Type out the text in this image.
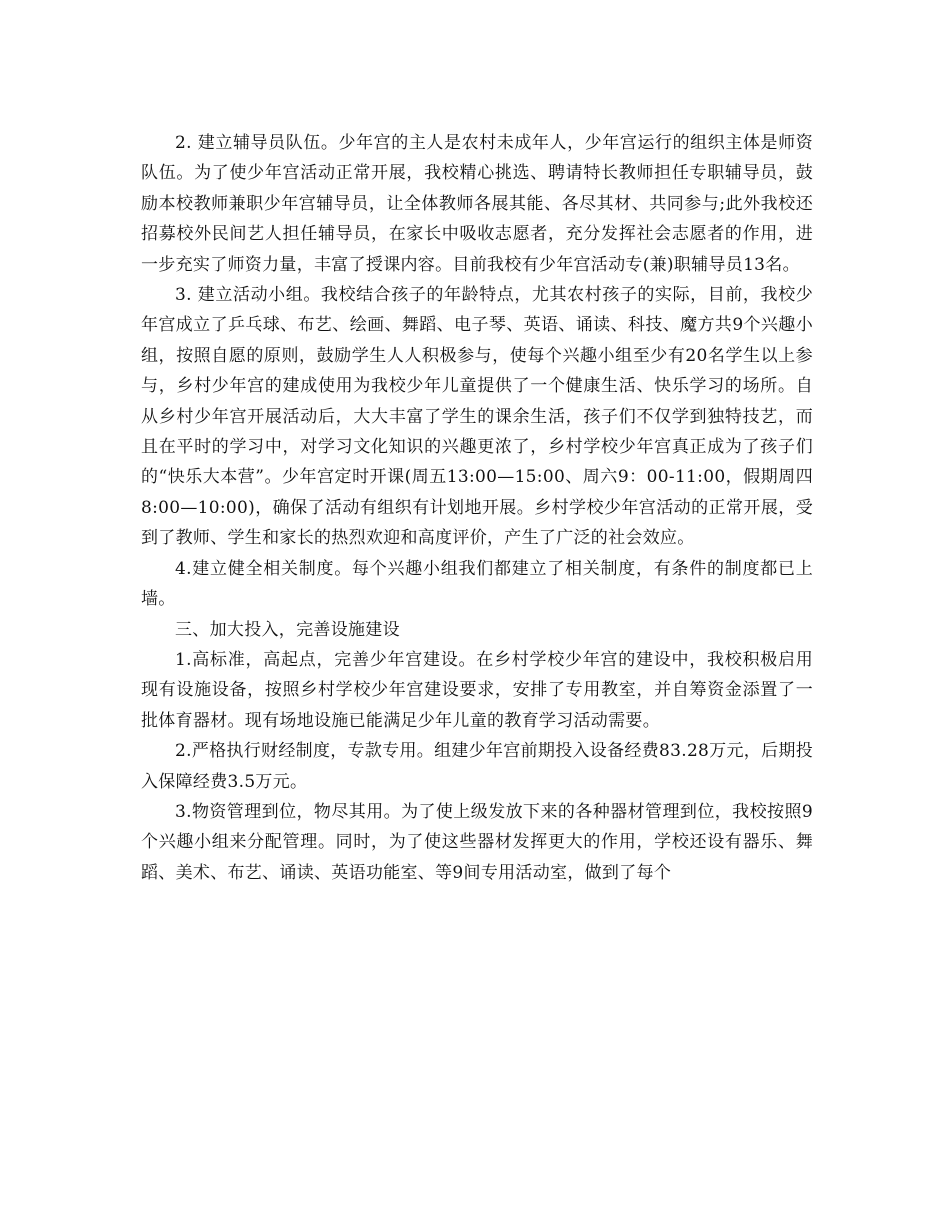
2. 建立辅导员队伍。少年宫的主人是农村未成年人，少年宫运行的组织主体是师资队伍。为了使少年宫活动正常开展，我校精心挑选、聘请特长教师担任专职辅导员，鼓励本校教师兼职少年宫辅导员，让全体教师各展其能、各尽其材、共同参与;此外我校还招募校外民间艺人担任辅导员，在家长中吸收志愿者，充分发挥社会志愿者的作用，进一步充实了师资力量，丰富了授课内容。目前我校有少年宫活动专(兼)职辅导员13名。

3. 建立活动小组。我校结合孩子的年龄特点，尤其农村孩子的实际，目前，我校少年宫成立了乒乓球、布艺、绘画、舞蹈、电子琴、英语、诵读、科技、魔方共9个兴趣小组，按照自愿的原则，鼓励学生人人积极参与，使每个兴趣小组至少有20名学生以上参与，乡村少年宫的建成使用为我校少年儿童提供了一个健康生活、快乐学习的场所。自从乡村少年宫开展活动后，大大丰富了学生的课余生活，孩子们不仅学到独特技艺，而且在平时的学习中，对学习文化知识的兴趣更浓了，乡村学校少年宫真正成为了孩子们的“快乐大本营”。少年宫定时开课(周五13:00—15:00、周六9：00-11:00，假期周四8:00—10:00)，确保了活动有组织有计划地开展。乡村学校少年宫活动的正常开展，受到了教师、学生和家长的热烈欢迎和高度评价，产生了广泛的社会效应。

4.建立健全相关制度。每个兴趣小组我们都建立了相关制度，有条件的制度都已上墙。

三、加大投入，完善设施建设

1.高标准，高起点，完善少年宫建设。在乡村学校少年宫的建设中，我校积极启用现有设施设备，按照乡村学校少年宫建设要求，安排了专用教室，并自筹资金添置了一批体育器材。现有场地设施已能满足少年儿童的教育学习活动需要。

2.严格执行财经制度，专款专用。组建少年宫前期投入设备经费83.28万元，后期投入保障经费3.5万元。

3.物资管理到位，物尽其用。为了使上级发放下来的各种器材管理到位，我校按照9个兴趣小组来分配管理。同时，为了使这些器材发挥更大的作用，学校还设有器乐、舞蹈、美术、布艺、诵读、英语功能室、等9间专用活动室，做到了每个
